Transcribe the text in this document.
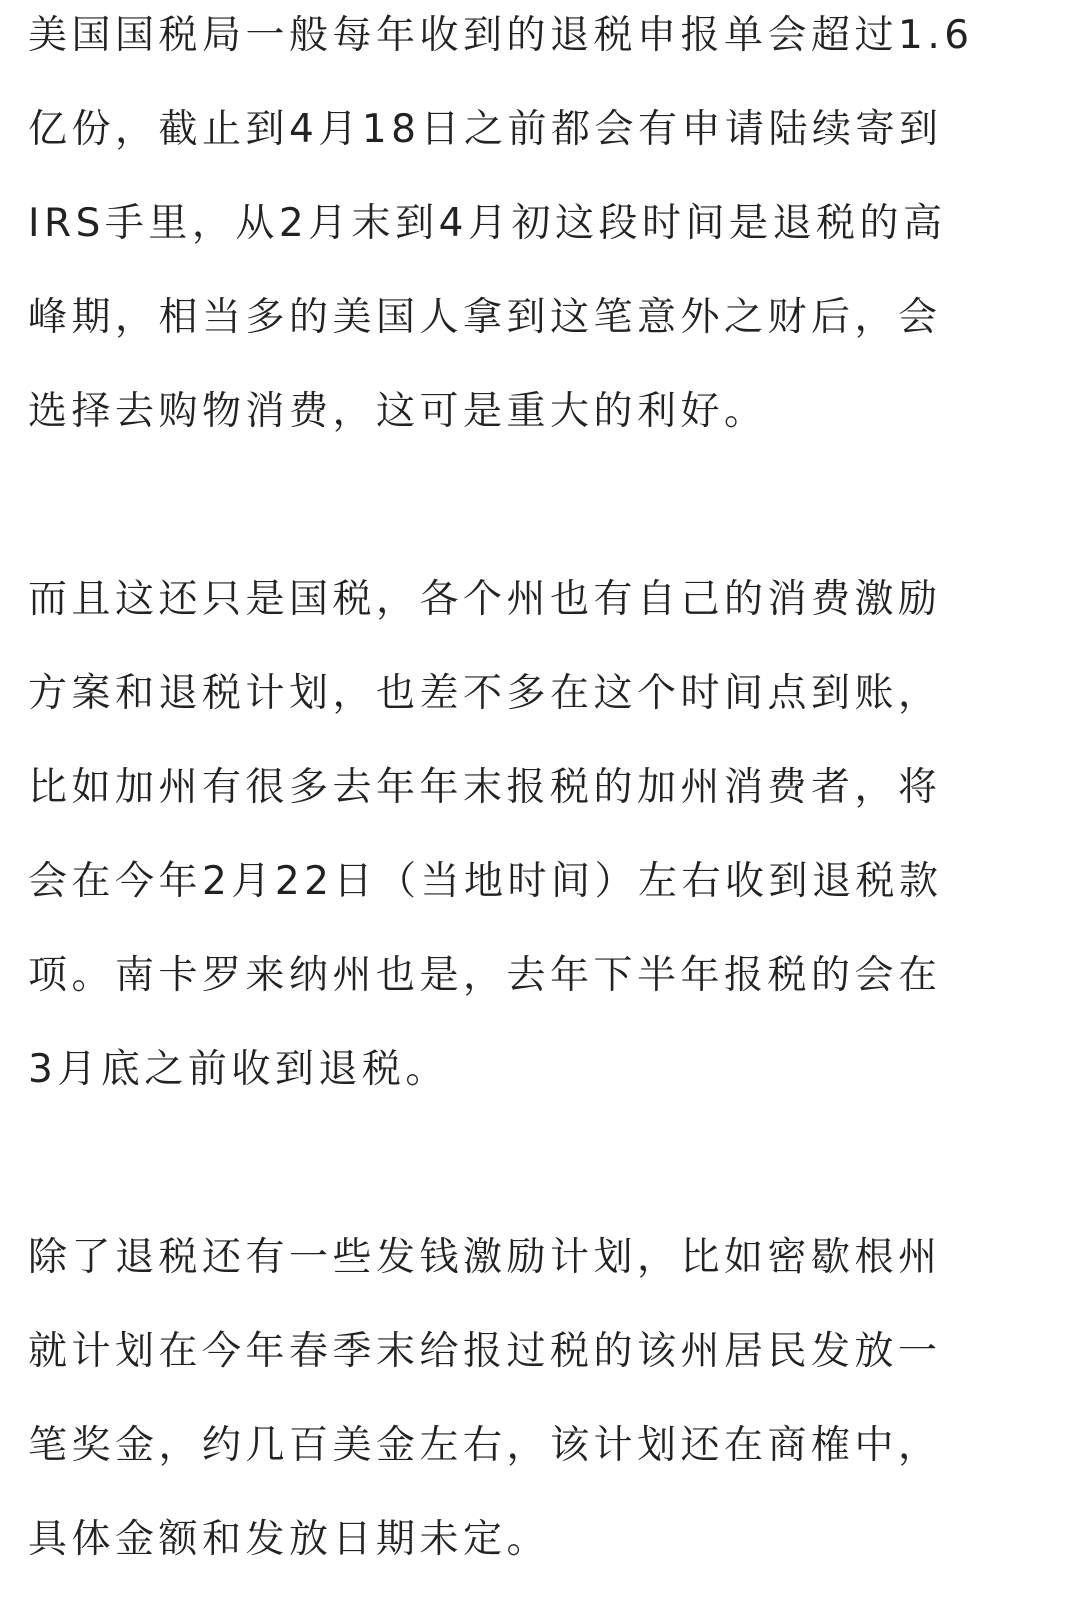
美国国税局一般每年收到的退税申报单会超过1.6
亿份，截止到4月18日之前都会有申请陆续寄到
IRS手里，从2月末到4月初这段时间是退税的高
峰期，相当多的美国人拿到这笔意外之财后，会
选择去购物消费，这可是重大的利好。

而且这还只是国税，各个州也有自己的消费激励
方案和退税计划，也差不多在这个时间点到账，
比如加州有很多去年年末报税的加州消费者，将
会在今年2月22日（当地时间）左右收到退税款
项。南卡罗来纳州也是，去年下半年报税的会在
3月底之前收到退税。

除了退税还有一些发钱激励计划，比如密歇根州
就计划在今年春季末给报过税的该州居民发放一
笔奖金，约几百美金左右，该计划还在商榷中，
具体金额和发放日期未定。
